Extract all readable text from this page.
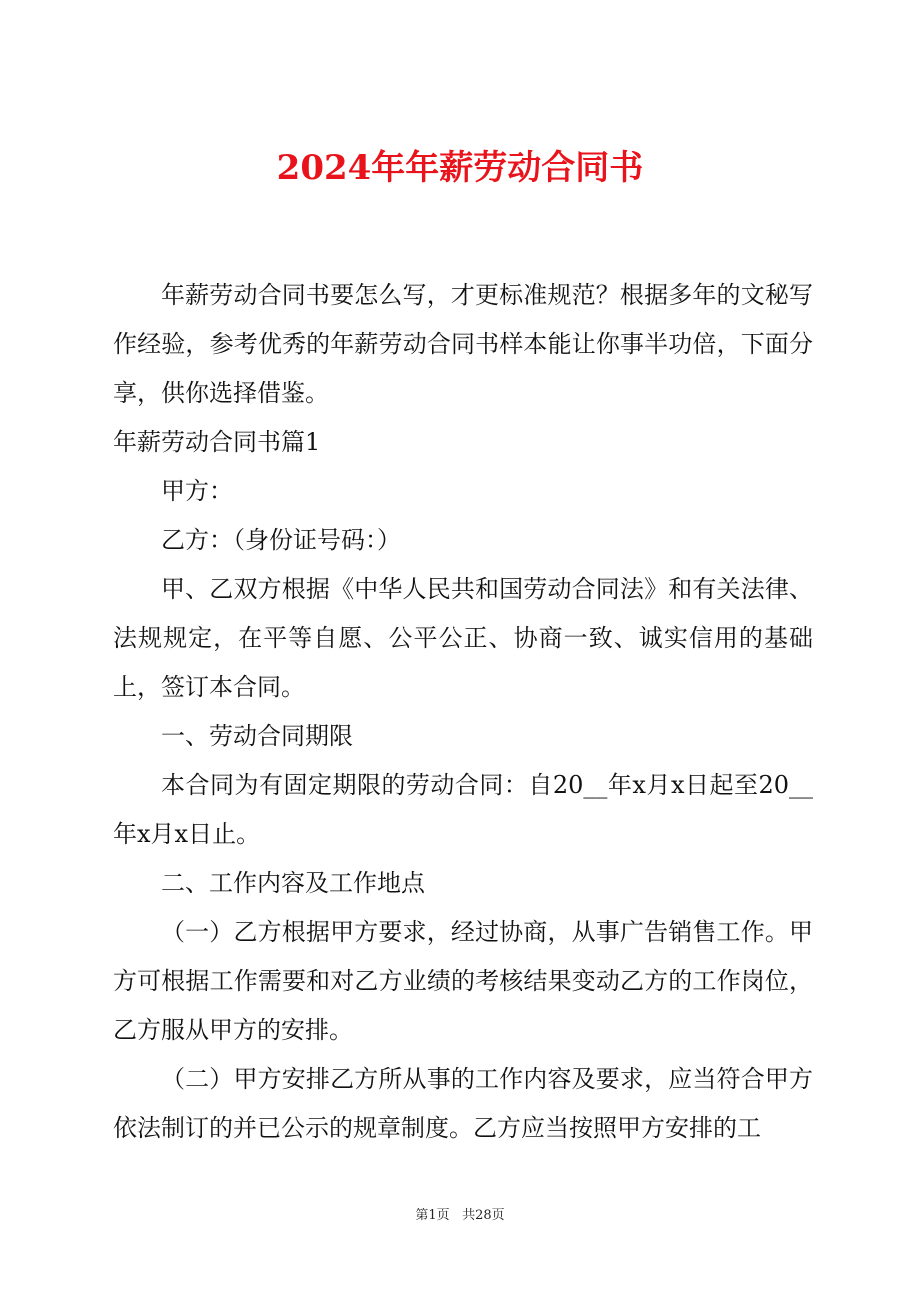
2024年年薪劳动合同书

年薪劳动合同书要怎么写，才更标准规范？根据多年的文秘写作经验，参考优秀的年薪劳动合同书样本能让你事半功倍，下面分享，供你选择借鉴。

年薪劳动合同书篇1

甲方：

乙方：（身份证号码：）

甲、乙双方根据《中华人民共和国劳动合同法》和有关法律、法规规定，在平等自愿、公平公正、协商一致、诚实信用的基础上，签订本合同。

一、劳动合同期限

本合同为有固定期限的劳动合同：自20__年x月x日起至20__年x月x日止。

二、工作内容及工作地点

（一）乙方根据甲方要求，经过协商，从事广告销售工作。甲方可根据工作需要和对乙方业绩的考核结果变动乙方的工作岗位，乙方服从甲方的安排。

（二）甲方安排乙方所从事的工作内容及要求，应当符合甲方依法制订的并已公示的规章制度。乙方应当按照甲方安排的工

第1页 共28页
